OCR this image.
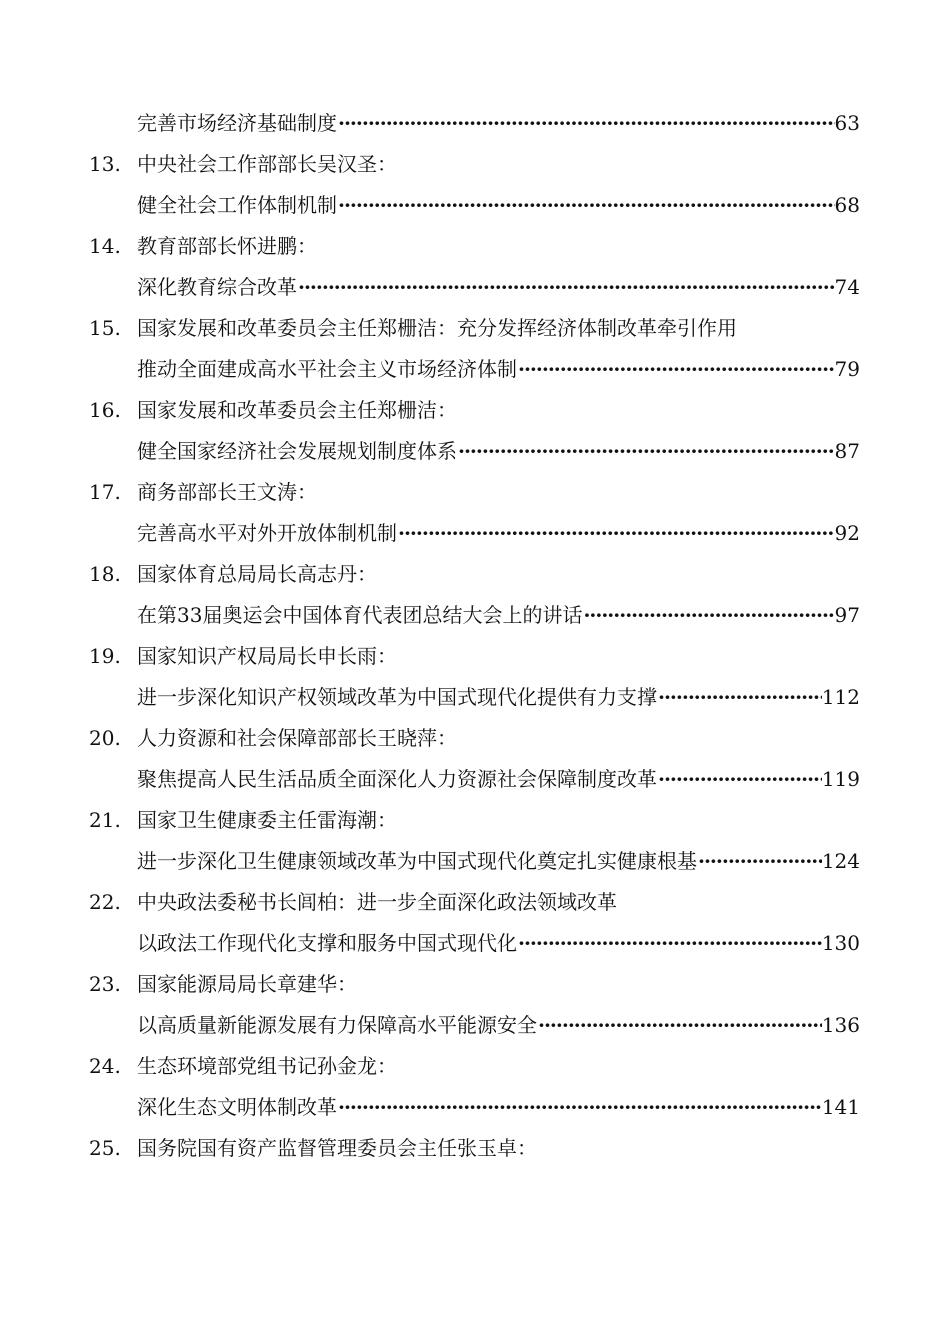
完善市场经济基础制度 ·····	63
13. 中央社会工作部部长吴汉圣：
健全社会工作体制机制 ·····	68
14. 教育部部长怀进鹏：
深化教育综合改革 ·····	74
15. 国家发展和改革委员会主任郑栅洁：充分发挥经济体制改革牵引作用
推动全面建成高水平社会主义市场经济体制 ·····	79
16. 国家发展和改革委员会主任郑栅洁：
健全国家经济社会发展规划制度体系 ·····	87
17. 商务部部长王文涛：
完善高水平对外开放体制机制 ·····	92
18. 国家体育总局局长高志丹：
在第33届奥运会中国体育代表团总结大会上的讲话 ·····	97
19. 国家知识产权局局长申长雨：
进一步深化知识产权领域改革为中国式现代化提供有力支撑 ·····	112
20. 人力资源和社会保障部部长王晓萍：
聚焦提高人民生活品质全面深化人力资源社会保障制度改革 ·····	119
21. 国家卫生健康委主任雷海潮：
进一步深化卫生健康领域改革为中国式现代化奠定扎实健康根基 ·····	124
22. 中央政法委秘书长闾柏：进一步全面深化政法领域改革
以政法工作现代化支撑和服务中国式现代化 ·····	130
23. 国家能源局局长章建华：
以高质量新能源发展有力保障高水平能源安全 ·····	136
24. 生态环境部党组书记孙金龙：
深化生态文明体制改革 ·····	141
25. 国务院国有资产监督管理委员会主任张玉卓：
